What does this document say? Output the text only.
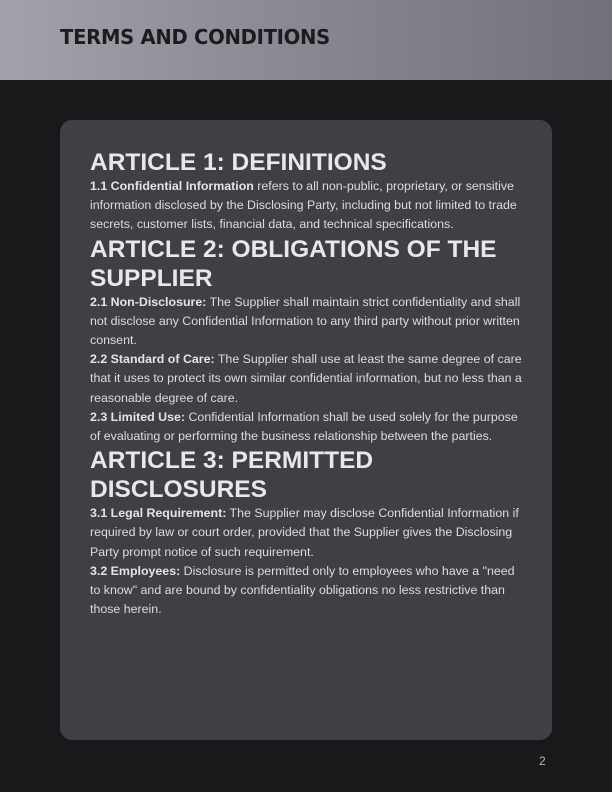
TERMS AND CONDITIONS
ARTICLE 1: DEFINITIONS

1.1 Confidential Information refers to all non-public, proprietary, or sensitive information disclosed by the Disclosing Party, including but not limited to trade secrets, customer lists, financial data, and technical specifications.

ARTICLE 2: OBLIGATIONS OF THE SUPPLIER

2.1 Non-Disclosure: The Supplier shall maintain strict confidentiality and shall not disclose any Confidential Information to any third party without prior written consent.

2.2 Standard of Care: The Supplier shall use at least the same degree of care that it uses to protect its own similar confidential information, but no less than a reasonable degree of care.

2.3 Limited Use: Confidential Information shall be used solely for the purpose of evaluating or performing the business relationship between the parties.

ARTICLE 3: PERMITTED DISCLOSURES

3.1 Legal Requirement: The Supplier may disclose Confidential Information if required by law or court order, provided that the Supplier gives the Disclosing Party prompt notice of such requirement.

3.2 Employees: Disclosure is permitted only to employees who have a "need to know" and are bound by confidentiality obligations no less restrictive than those herein.

2
